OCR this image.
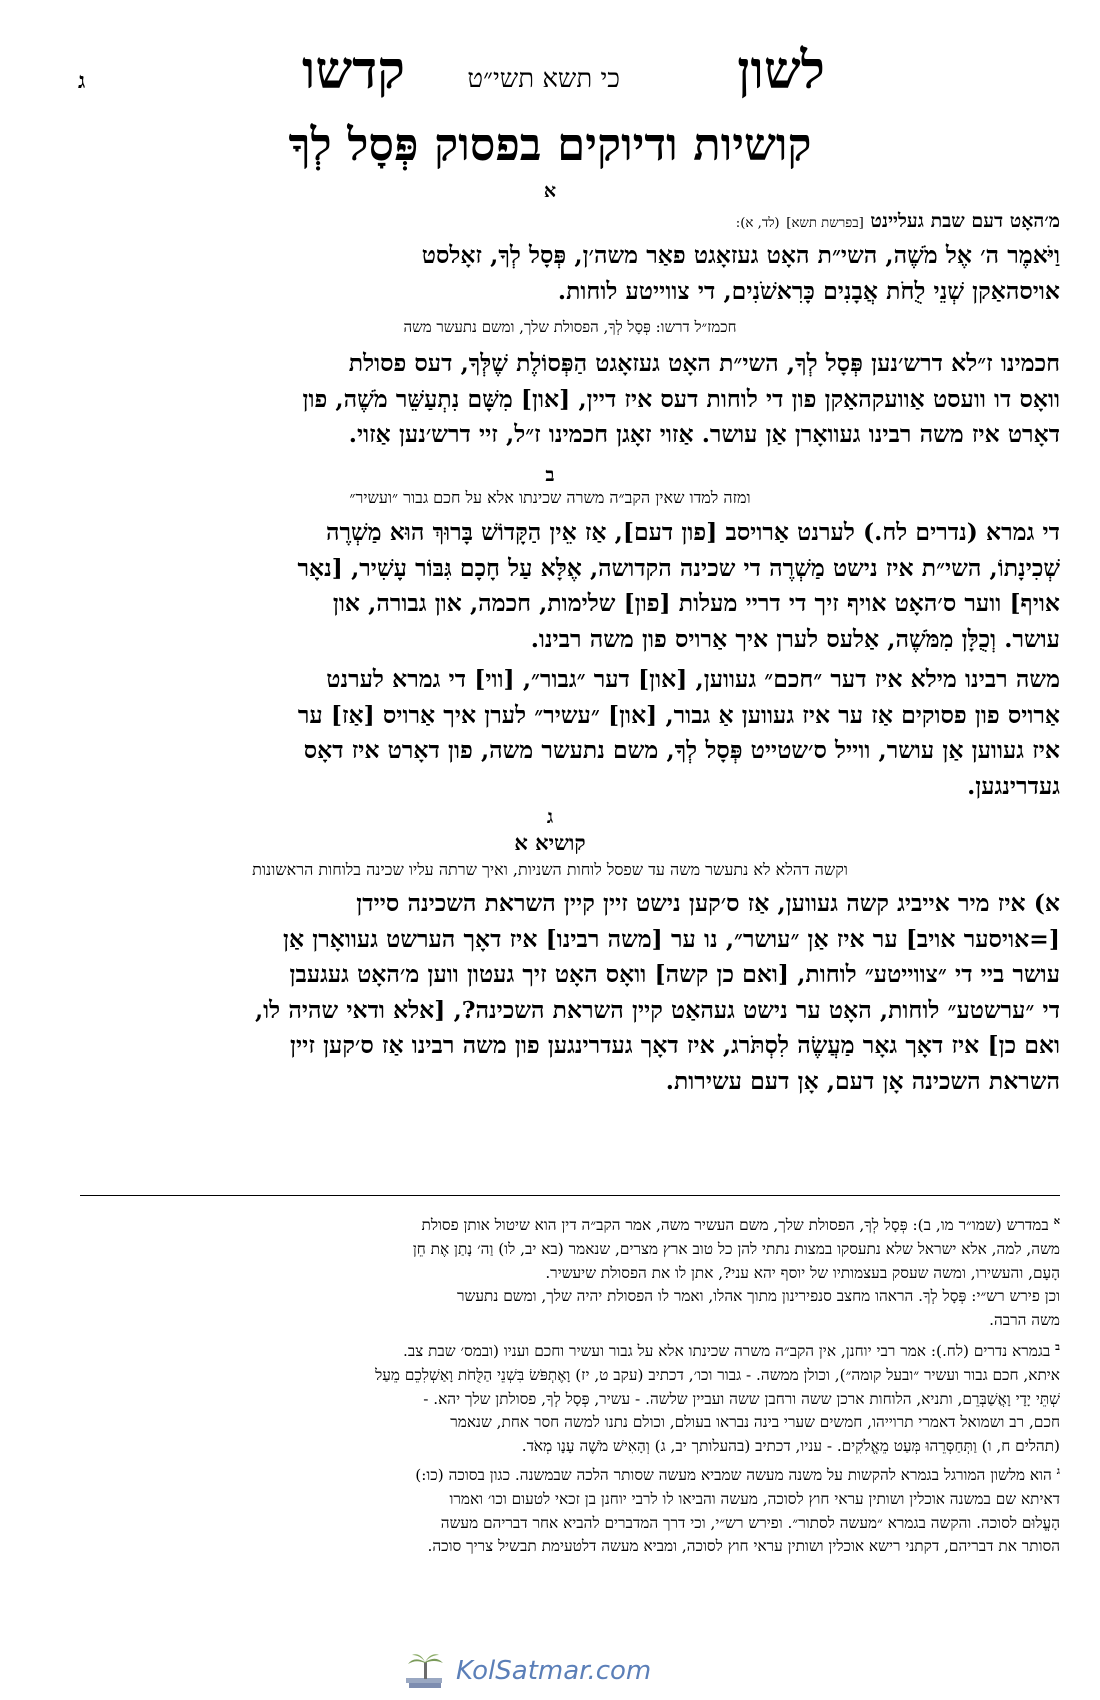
לשון
כי תשא תשי״ט
קדשו
ג
קושיות ודיוקים בפסוק פְּסָל לְךָ
א
מ׳האָט דעם שבת געליינט [בפרשת תשא] (לד, א):
וַיֹּאמֶר ה׳ אֶל מֹשֶׁה, השי״ת האָט געזאָגט פאַר משה׳ן, פְּסָל לְךָ, זאָלסט
אויסהאַקן שְׁנֵי לֻחֹת אֲבָנִים כָּרִאשֹׁנִים, די צווייטע לוחות.
חכמז״ל דרשו: פְּסָל לְךָ, הפסולת שלך, ומשם נתעשר משה
חכמינו ז״לא דרש׳נען פְּסָל לְךָ, השי״ת האָט געזאָגט הַפְּסוֹלֶת שֶׁלְּךָ, דעס פסולת
וואָס דו וועסט אַוועקהאַקן פון די לוחות דעס איז דיין, [און] מִשָּׁם נִתְעַשֵּׁר מֹשֶׁה, פון
דאָרט איז משה רבינו געוואָרן אַן עושר. אַזוי זאָגן חכמינו ז״ל, זיי דרש׳נען אַזוי.
ב
ומזה למדו שאין הקב״ה משרה שכינתו אלא על חכם גבור ״ועשיר״
די גמרא (נדרים לח.) לערנט אַרויסב [פון דעם], אַז אֵין הַקָּדוֹשׁ בָּרוּךְ הוּא מַשְׁרֶה
שְׁכִינָתוֹ, השי״ת איז נישט מַשְׁרֶה די שכינה הקדושה, אֶלָּא עַל חָכָם גִּבּוֹר עָשִׁיר, [נאָר
אויף] ווער ס׳האָט אויף זיך די דריי מעלות [פון] שלימות, חכמה, און גבורה, און
עושר. וְכֻלָּן מִמֹּשֶׁה, אַלעס לערן איך אַרויס פון משה רבינו.
משה רבינו מילא איז דער ״חכם״ געווען, [און] דער ״גבור״, [ווי] די גמרא לערנט
אַרויס פון פסוקים אַז ער איז געווען אַ גבור, [און] ״עשיר״ לערן איך אַרויס [אַז] ער
איז געווען אַן עושר, ווייל ס׳שטייט פְּסָל לְךָ, משם נתעשר משה, פון דאָרט איז דאָס
געדרינגען.
ג
קושיא א
וקשה דהלא לא נתעשר משה עד שפסל לוחות השניות, ואיך שרתה עליו שכינה בלוחות הראשונות
א) איז מיר אייביג קשה געווען, אַז ס׳קען נישט זיין קיין השראת השכינה סיידן
[=אויסער אויב] ער איז אַן ״עושר״, נו ער [משה רבינו] איז דאָך הערשט געוואָרן אַן
עושר ביי די ״צווייטע״ לוחות, [ואם כן קשה] וואָס האָט זיך געטון ווען מ׳האָט געגעבן
די ״ערשטע״ לוחות, האָט ער נישט געהאַט קיין השראת השכינה?, [אלא ודאי שהיה לו,
ואם כן] איז דאָך גאָר מַעֲשֶׂה לִסְתֹּרג, איז דאָך געדרינגען פון משה רבינו אַז ס׳קען זיין
השראת השכינה אָן דעם, אָן דעם עשירות.
$^א$ במדרש (שמו״ר מו, ב): פְּסָל לְךָ, הפסולת שלך, משם העשיר משה, אמר הקב״ה דין הוא שיטול אותן פסולת
משה, למה, אלא ישראל שלא נתעסקו במצות נתתי להן כל טוב ארץ מצרים, שנאמר (בא יב, לו) וַה׳ נָתַן אֶת חֵן
הָעָם, והעשירו, ומשה שעסק בעצמותיו של יוסף יהא עני?, אתן לו את הפסולת שיעשיר.
וכן פירש רש״י: פְּסָל לְךָ. הראהו מחצב סנפירינון מתוך אהלו, ואמר לו הפסולת יהיה שלך, ומשם נתעשר
משה הרבה.
$^ב$ בגמרא נדרים (לח.): אמר רבי יוחנן, אין הקב״ה משרה שכינתו אלא על גבור ועשיר וחכם ועניו (ובמס׳ שבת צב.
איתא, חכם גבור ועשיר ״ובעל קומה״), וכולן ממשה. - גבור וכו׳, דכתיב (עקב ט, יז) וָאֶתְפֹּשׂ בִּשְׁנֵי הַלֻּחֹת וָאַשְׁלִכֵם מֵעַל
שְׁתֵּי יָדָי וָאֲשַׁבְּרֵם, ותניא, הלוחות ארכן ששה ורחבן ששה ועביין שלשה. - עשיר, פְּסָל לְךָ, פסולתן שלך יהא. -
חכם, רב ושמואל דאמרי תרוייהו, חמשים שערי בינה נבראו בעולם, וכולם נתנו למשה חסר אחת, שנאמר
(תהלים ח, ו) וַתְּחַסְּרֵהוּ מְּעַט מֵאֱלֹקִים. - עניו, דכתיב (בהעלותך יב, ג) וְהָאִישׁ מֹשֶׁה עָנָו מְאֹד.
$^ג$ הוא מלשון המורגל בגמרא להקשות על משנה מעשה שמביא מעשה שסותר הלכה שבמשנה. כגון בסוכה (כו:)
דאיתא שם במשנה אוכלין ושותין עראי חוץ לסוכה, מעשה והביאו לו לרבי יוחנן בן זכאי לטעום וכו׳ ואמרו
הָעֱלוּם לסוכה. והקשה בגמרא ״מעשה לסתור״. ופירש רש״י, וכי דרך המדברים להביא אחר דבריהם מעשה
הסותר את דבריהם, דקתני רישא אוכלין ושותין עראי חוץ לסוכה, ומביא מעשה דלטעימת תבשיל צריך סוכה.
KolSatmar.com
